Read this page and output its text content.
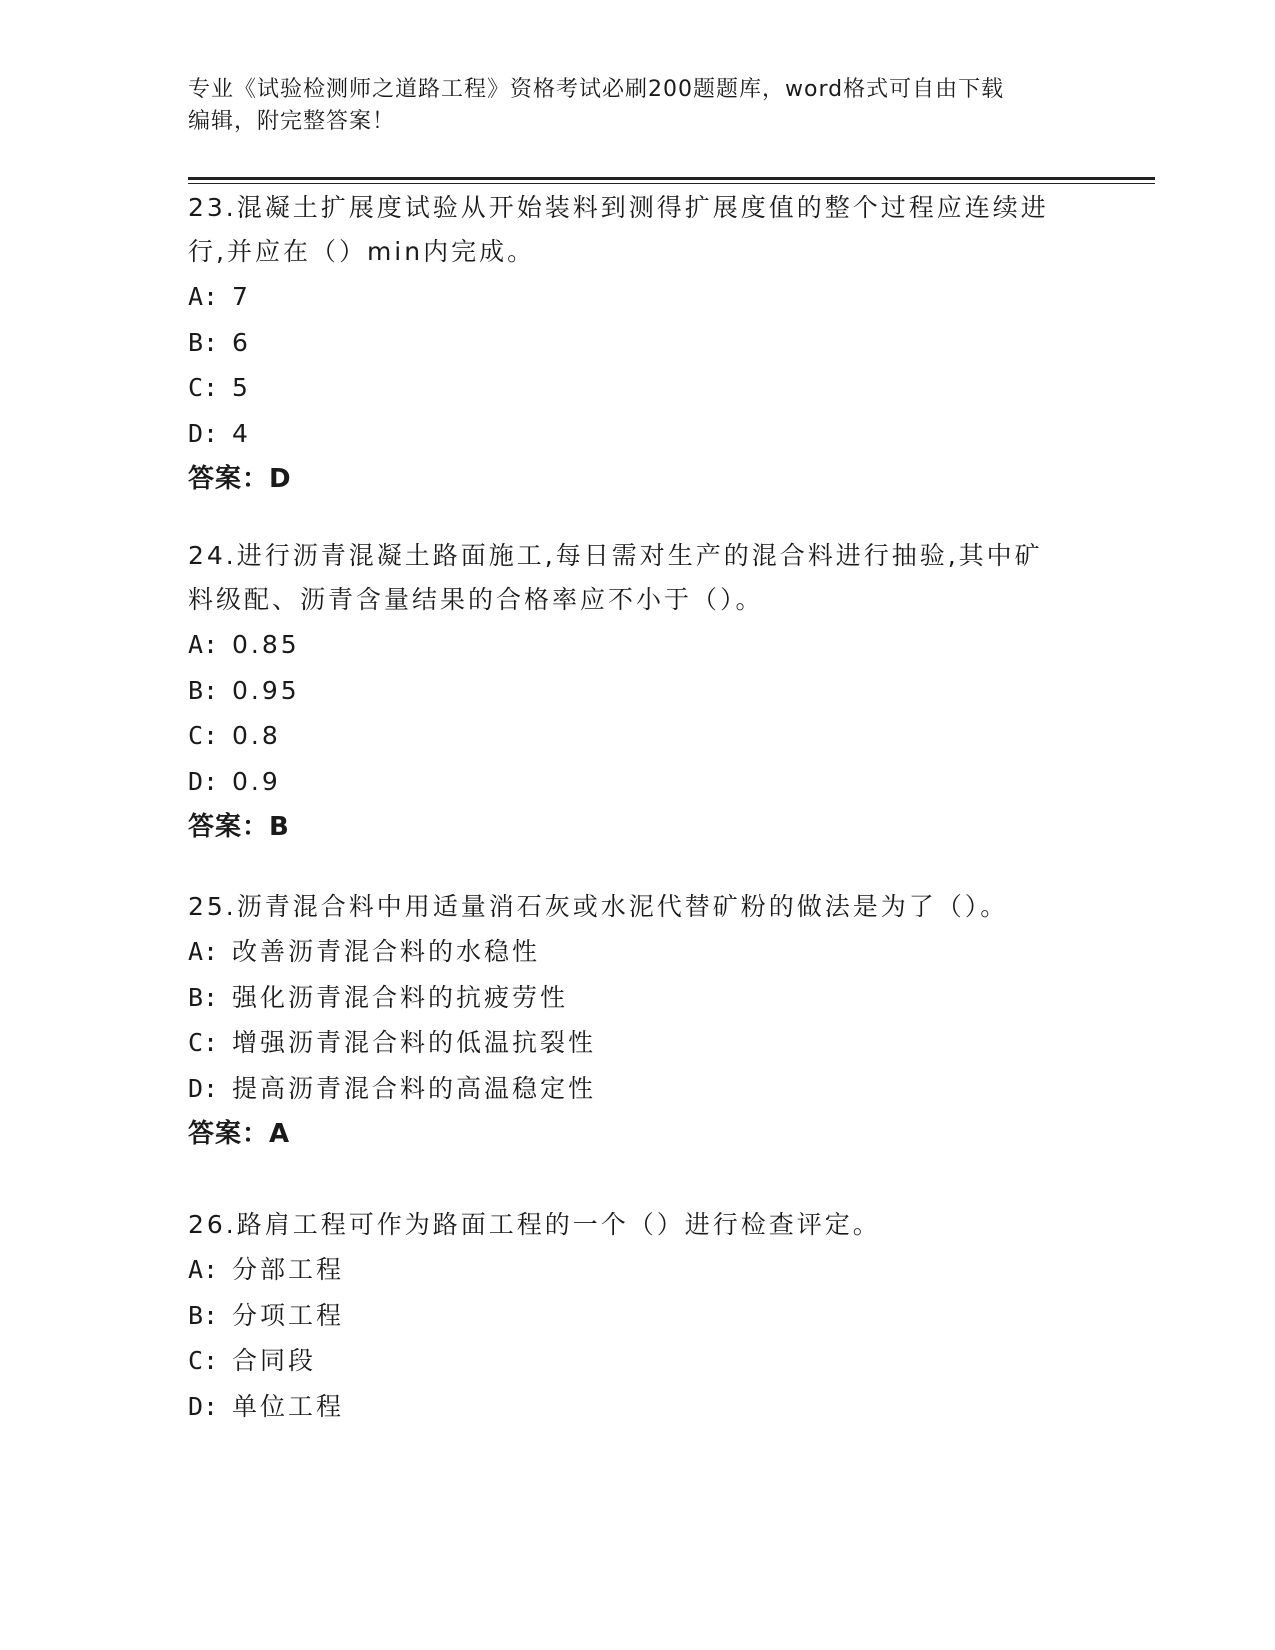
专业《试验检测师之道路工程》资格考试必刷200题题库，word格式可自由下载
编辑，附完整答案！
23.混凝土扩展度试验从开始装料到测得扩展度值的整个过程应连续进
行,并应在（）min内完成。
A: 7
B: 6
C: 5
D: 4
答案：D
24.进行沥青混凝土路面施工,每日需对生产的混合料进行抽验,其中矿
料级配、沥青含量结果的合格率应不小于（）。
A: 0.85
B: 0.95
C: 0.8
D: 0.9
答案：B
25.沥青混合料中用适量消石灰或水泥代替矿粉的做法是为了（）。
A: 改善沥青混合料的水稳性
B: 强化沥青混合料的抗疲劳性
C: 增强沥青混合料的低温抗裂性
D: 提高沥青混合料的高温稳定性
答案：A
26.路肩工程可作为路面工程的一个（）进行检查评定。
A: 分部工程
B: 分项工程
C: 合同段
D: 单位工程
